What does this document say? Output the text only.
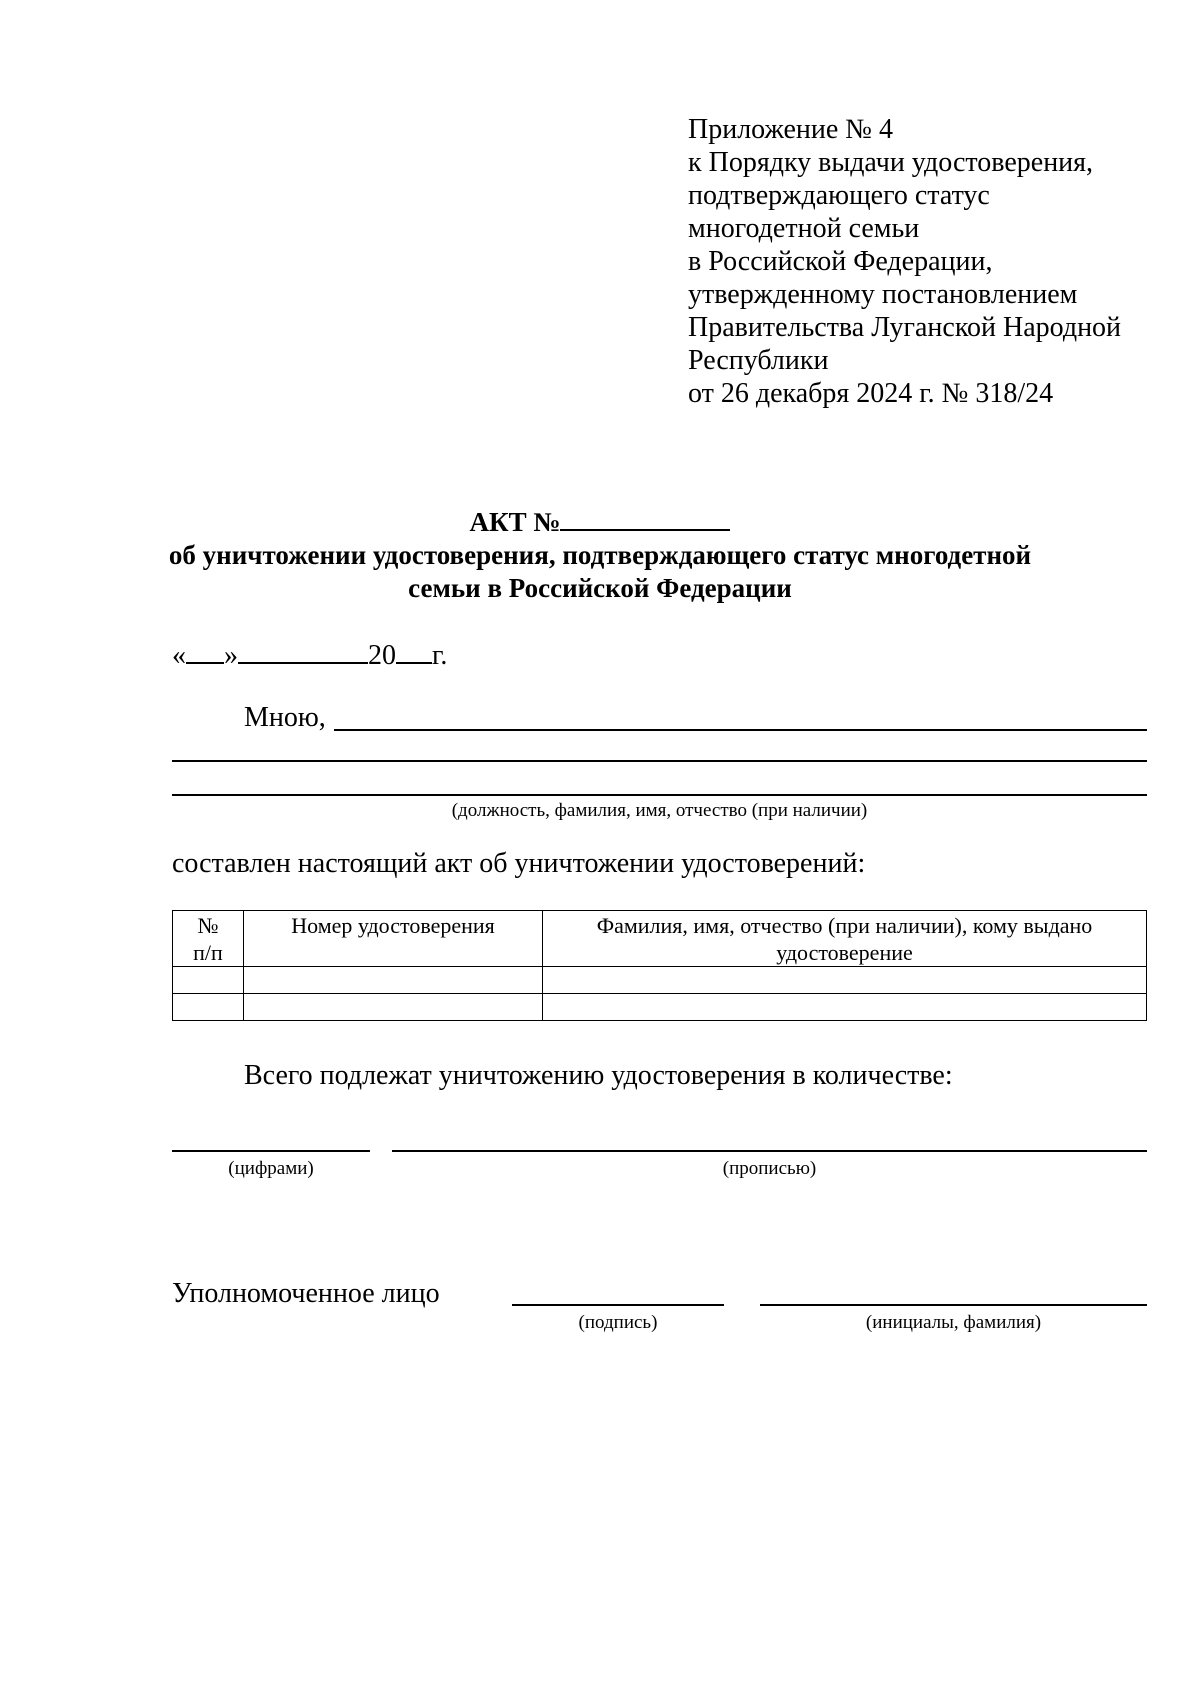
Приложение № 4
к Порядку выдачи удостоверения,
подтверждающего статус
многодетной семьи
в Российской Федерации,
утвержденному постановлением
Правительства Луганской Народной
Республики
от 26 декабря 2024 г. № 318/24
АКТ №
об уничтожении удостоверения, подтверждающего статус многодетной
семьи в Российской Федерации
« »	20 г.
Мною,
(должность, фамилия, имя, отчество (при наличии)
составлен настоящий акт об уничтожении удостоверений:
№
п/п	Номер удостоверения	Фамилия, имя, отчество (при наличии), кому выдано удостоверение

Всего подлежат уничтожению удостоверения в количестве:
(цифрами)	(прописью)
Уполномоченное лицо
(подпись)	(инициалы, фамилия)
